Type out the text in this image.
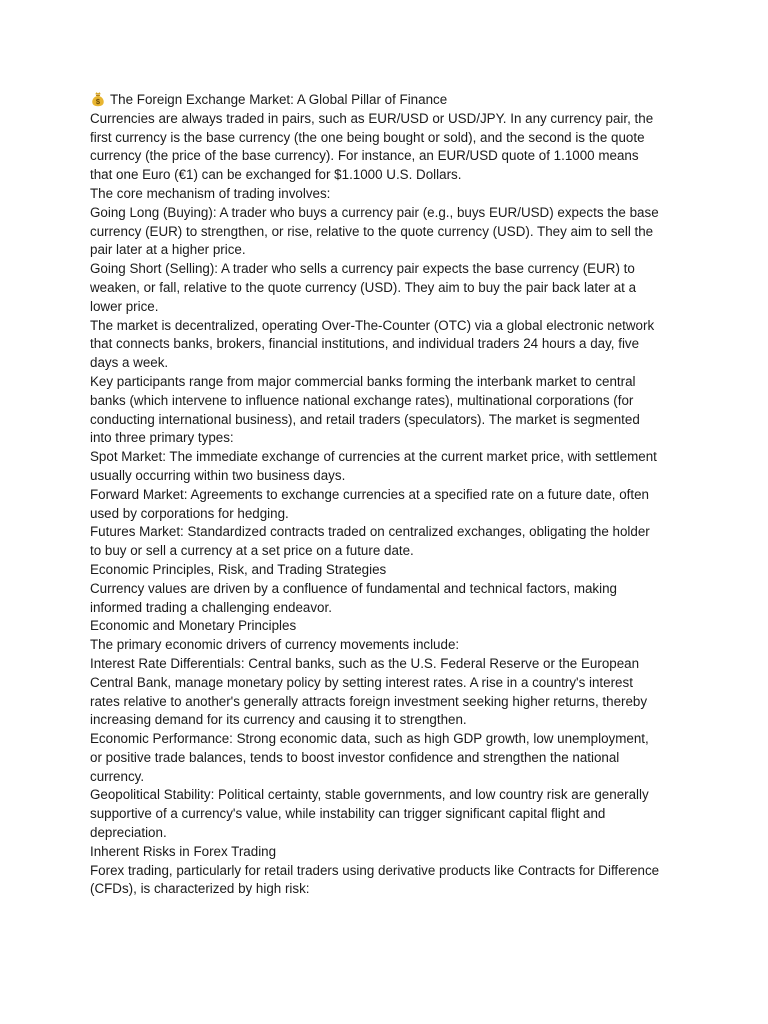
$ The Foreign Exchange Market: A Global Pillar of Finance

Currencies are always traded in pairs, such as EUR/USD or USD/JPY. In any currency pair, the
first currency is the base currency (the one being bought or sold), and the second is the quote
currency (the price of the base currency). For instance, an EUR/USD quote of 1.1000 means
that one Euro (€1) can be exchanged for $1.1000 U.S. Dollars.

The core mechanism of trading involves:

Going Long (Buying): A trader who buys a currency pair (e.g., buys EUR/USD) expects the base
currency (EUR) to strengthen, or rise, relative to the quote currency (USD). They aim to sell the
pair later at a higher price.

Going Short (Selling): A trader who sells a currency pair expects the base currency (EUR) to
weaken, or fall, relative to the quote currency (USD). They aim to buy the pair back later at a
lower price.

The market is decentralized, operating Over-The-Counter (OTC) via a global electronic network
that connects banks, brokers, financial institutions, and individual traders 24 hours a day, five
days a week.

Key participants range from major commercial banks forming the interbank market to central
banks (which intervene to influence national exchange rates), multinational corporations (for
conducting international business), and retail traders (speculators). The market is segmented
into three primary types:

Spot Market: The immediate exchange of currencies at the current market price, with settlement
usually occurring within two business days.

Forward Market: Agreements to exchange currencies at a specified rate on a future date, often
used by corporations for hedging.

Futures Market: Standardized contracts traded on centralized exchanges, obligating the holder
to buy or sell a currency at a set price on a future date.

Economic Principles, Risk, and Trading Strategies

Currency values are driven by a confluence of fundamental and technical factors, making
informed trading a challenging endeavor.

Economic and Monetary Principles

The primary economic drivers of currency movements include:

Interest Rate Differentials: Central banks, such as the U.S. Federal Reserve or the European
Central Bank, manage monetary policy by setting interest rates. A rise in a country's interest
rates relative to another's generally attracts foreign investment seeking higher returns, thereby
increasing demand for its currency and causing it to strengthen.

Economic Performance: Strong economic data, such as high GDP growth, low unemployment,
or positive trade balances, tends to boost investor confidence and strengthen the national
currency.

Geopolitical Stability: Political certainty, stable governments, and low country risk are generally
supportive of a currency's value, while instability can trigger significant capital flight and
depreciation.

Inherent Risks in Forex Trading

Forex trading, particularly for retail traders using derivative products like Contracts for Difference
(CFDs), is characterized by high risk:
